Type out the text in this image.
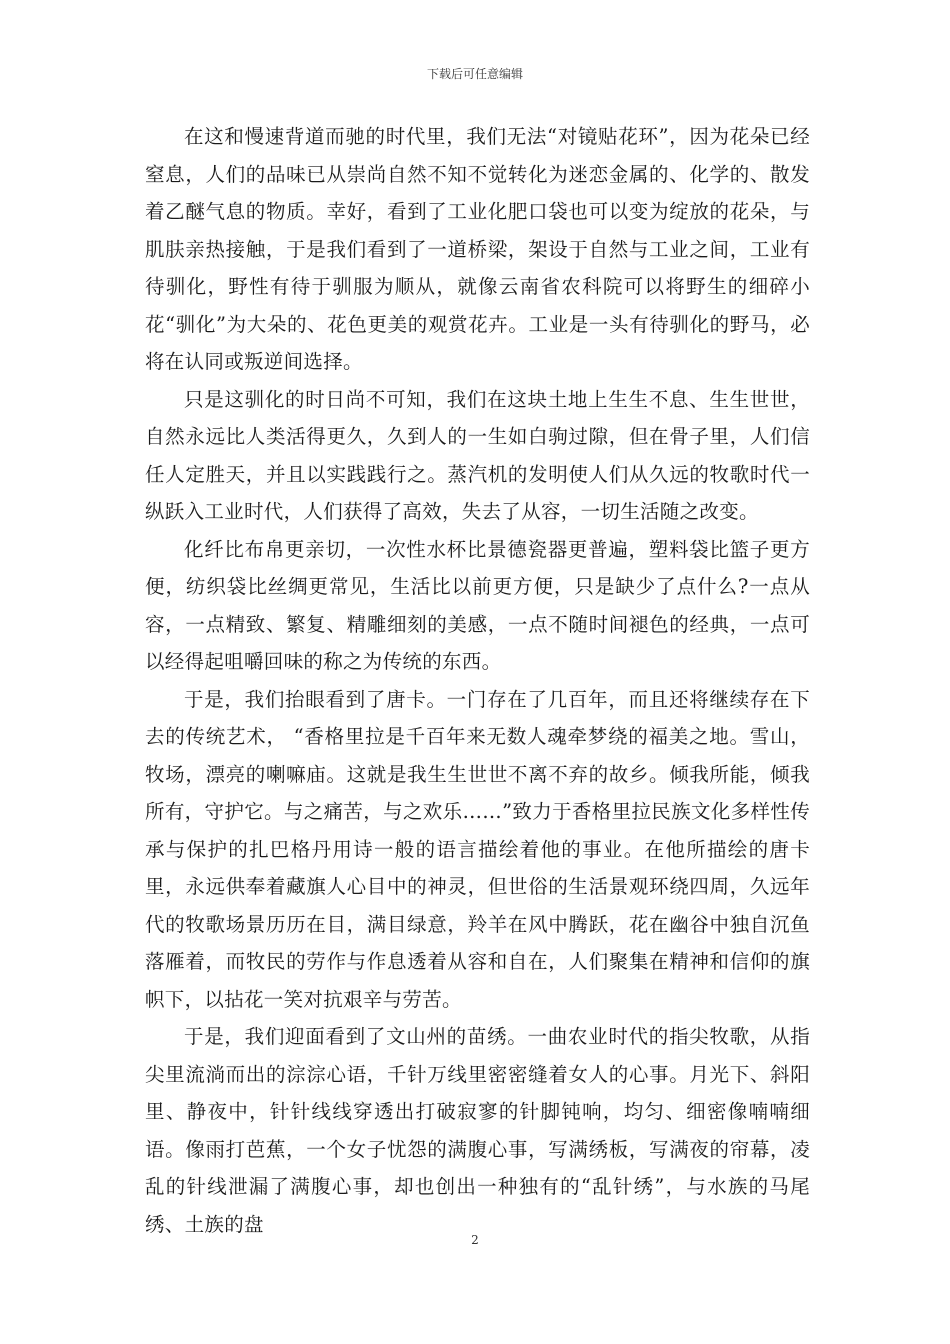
下载后可任意编辑

在这和慢速背道而驰的时代里，我们无法“对镜贴花环”，因为花朵已经窒息，人们的品味已从崇尚自然不知不觉转化为迷恋金属的、化学的、散发着乙醚气息的物质。幸好，看到了工业化肥口袋也可以变为绽放的花朵，与肌肤亲热接触，于是我们看到了一道桥梁，架设于自然与工业之间，工业有待驯化，野性有待于驯服为顺从，就像云南省农科院可以将野生的细碎小花“驯化”为大朵的、花色更美的观赏花卉。工业是一头有待驯化的野马，必将在认同或叛逆间选择。

只是这驯化的时日尚不可知，我们在这块土地上生生不息、生生世世，自然永远比人类活得更久，久到人的一生如白驹过隙，但在骨子里，人们信任人定胜天，并且以实践践行之。蒸汽机的发明使人们从久远的牧歌时代一纵跃入工业时代，人们获得了高效，失去了从容，一切生活随之改变。

化纤比布帛更亲切，一次性水杯比景德瓷器更普遍，塑料袋比篮子更方便，纺织袋比丝绸更常见，生活比以前更方便，只是缺少了点什么?一点从容，一点精致、繁复、精雕细刻的美感，一点不随时间褪色的经典，一点可以经得起咀嚼回味的称之为传统的东西。

于是，我们抬眼看到了唐卡。一门存在了几百年，而且还将继续存在下去的传统艺术， “香格里拉是千百年来无数人魂牵梦绕的福美之地。雪山，牧场，漂亮的喇嘛庙。这就是我生生世世不离不弃的故乡。倾我所能，倾我所有，守护它。与之痛苦，与之欢乐……”致力于香格里拉民族文化多样性传承与保护的扎巴格丹用诗一般的语言描绘着他的事业。在他所描绘的唐卡里，永远供奉着藏旗人心目中的神灵，但世俗的生活景观环绕四周，久远年代的牧歌场景历历在目，满目绿意，羚羊在风中腾跃，花在幽谷中独自沉鱼落雁着，而牧民的劳作与作息透着从容和自在，人们聚集在精神和信仰的旗帜下，以拈花一笑对抗艰辛与劳苦。

于是，我们迎面看到了文山州的苗绣。一曲农业时代的指尖牧歌，从指尖里流淌而出的淙淙心语，千针万线里密密缝着女人的心事。月光下、斜阳里、静夜中，针针线线穿透出打破寂寥的针脚钝响，均匀、细密像喃喃细语。像雨打芭蕉，一个女子忧怨的满腹心事，写满绣板，写满夜的帘幕，凌乱的针线泄漏了满腹心事，却也创出一种独有的“乱针绣”，与水族的马尾绣、土族的盘

2
